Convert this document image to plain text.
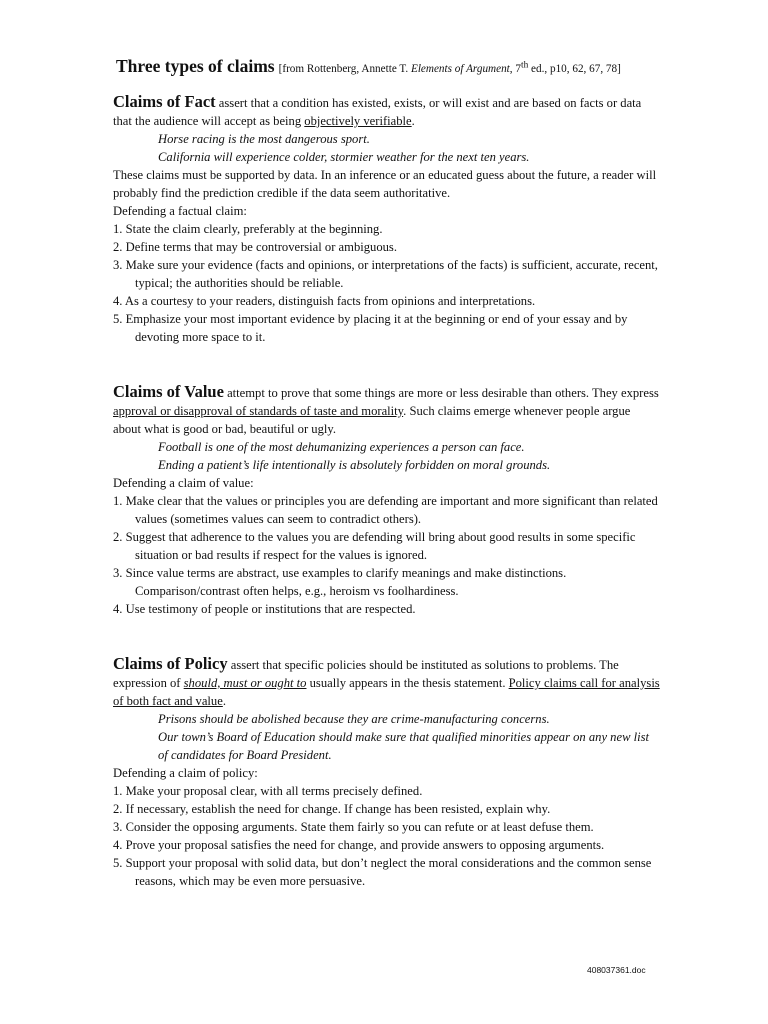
Three types of claims [from Rottenberg, Annette T. Elements of Argument, 7th ed., p10, 62, 67, 78]

Claims of Fact assert that a condition has existed, exists, or will exist and are based on facts or data that the audience will accept as being objectively verifiable.

Horse racing is the most dangerous sport.
California will experience colder, stormier weather for the next ten years.

These claims must be supported by data. In an inference or an educated guess about the future, a reader will probably find the prediction credible if the data seem authoritative.

Defending a factual claim:

1. State the claim clearly, preferably at the beginning.

2. Define terms that may be controversial or ambiguous.

3. Make sure your evidence (facts and opinions, or interpretations of the facts) is sufficient, accurate, recent, typical; the authorities should be reliable.

4. As a courtesy to your readers, distinguish facts from opinions and interpretations.

5. Emphasize your most important evidence by placing it at the beginning or end of your essay and by devoting more space to it.

Claims of Value attempt to prove that some things are more or less desirable than others. They express approval or disapproval of standards of taste and morality. Such claims emerge whenever people argue about what is good or bad, beautiful or ugly.

Football is one of the most dehumanizing experiences a person can face.
Ending a patient’s life intentionally is absolutely forbidden on moral grounds.

Defending a claim of value:

1. Make clear that the values or principles you are defending are important and more significant than related values (sometimes values can seem to contradict others).

2. Suggest that adherence to the values you are defending will bring about good results in some specific situation or bad results if respect for the values is ignored.

3. Since value terms are abstract, use examples to clarify meanings and make distinctions. Comparison/contrast often helps, e.g., heroism vs foolhardiness.

4. Use testimony of people or institutions that are respected.

Claims of Policy assert that specific policies should be instituted as solutions to problems. The expression of should, must or ought to usually appears in the thesis statement. Policy claims call for analysis of both fact and value.

Prisons should be abolished because they are crime-manufacturing concerns.
Our town’s Board of Education should make sure that qualified minorities appear on any new list of candidates for Board President.

Defending a claim of policy:

1. Make your proposal clear, with all terms precisely defined.

2. If necessary, establish the need for change. If change has been resisted, explain why.

3. Consider the opposing arguments. State them fairly so you can refute or at least defuse them.

4. Prove your proposal satisfies the need for change, and provide answers to opposing arguments.

5. Support your proposal with solid data, but don’t neglect the moral considerations and the common sense reasons, which may be even more persuasive.

408037361.doc
